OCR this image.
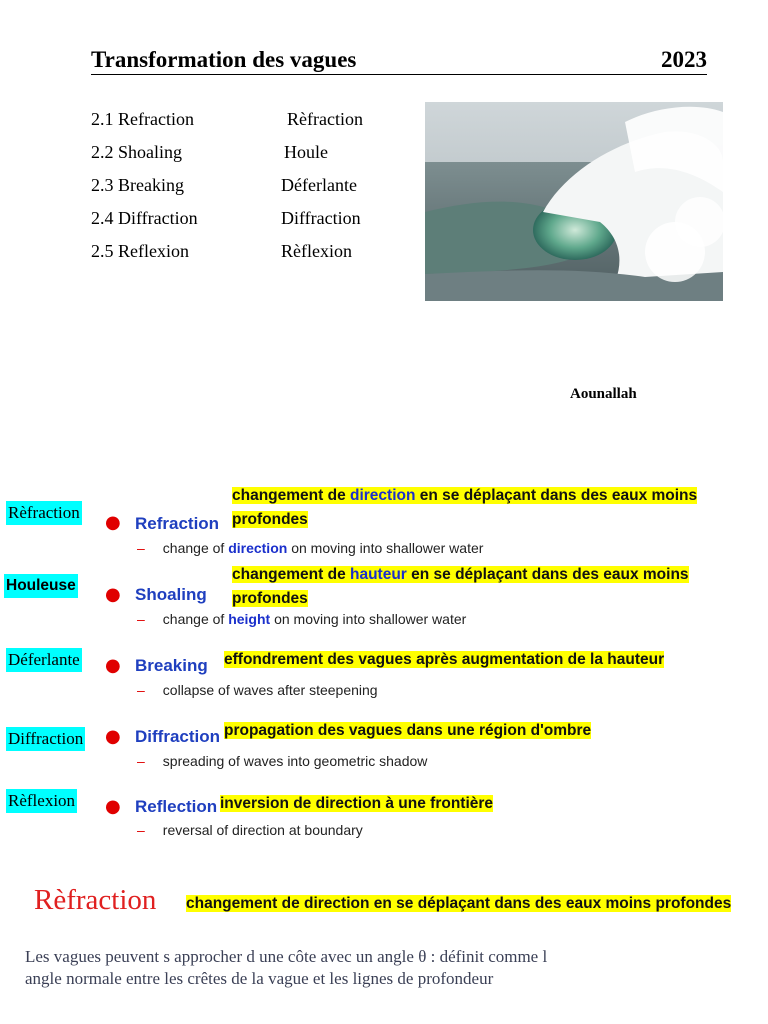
Transformation des vagues	2023
2.1 Refraction
2.2 Shoaling
2.3 Breaking
2.4 Diffraction
2.5 Reflexion
Rèfraction
Houle
Déferlante
Diffraction
Rèflexion
Aounallah
Rèfraction ● Refraction
changement de direction en se déplaçant dans des eaux moins
profondes
– change of direction on moving into shallower water
Houleuse ● Shoaling
changement de hauteur en se déplaçant dans des eaux moins
profondes
– change of height on moving into shallower water
Déferlante ● Breaking effondrement des vagues après augmentation de la hauteur
– collapse of waves after steepening
Diffraction ● Diffraction propagation des vagues dans une région d'ombre
– spreading of waves into geometric shadow
Rèflexion ● Reflection inversion de direction à une frontière
– reversal of direction at boundary
Rèfraction changement de direction en se déplaçant dans des eaux moins profondes
Les vagues peuvent s approcher d une côte avec un angle θ : définit comme l
angle normale entre les crêtes de la vague et les lignes de profondeur
